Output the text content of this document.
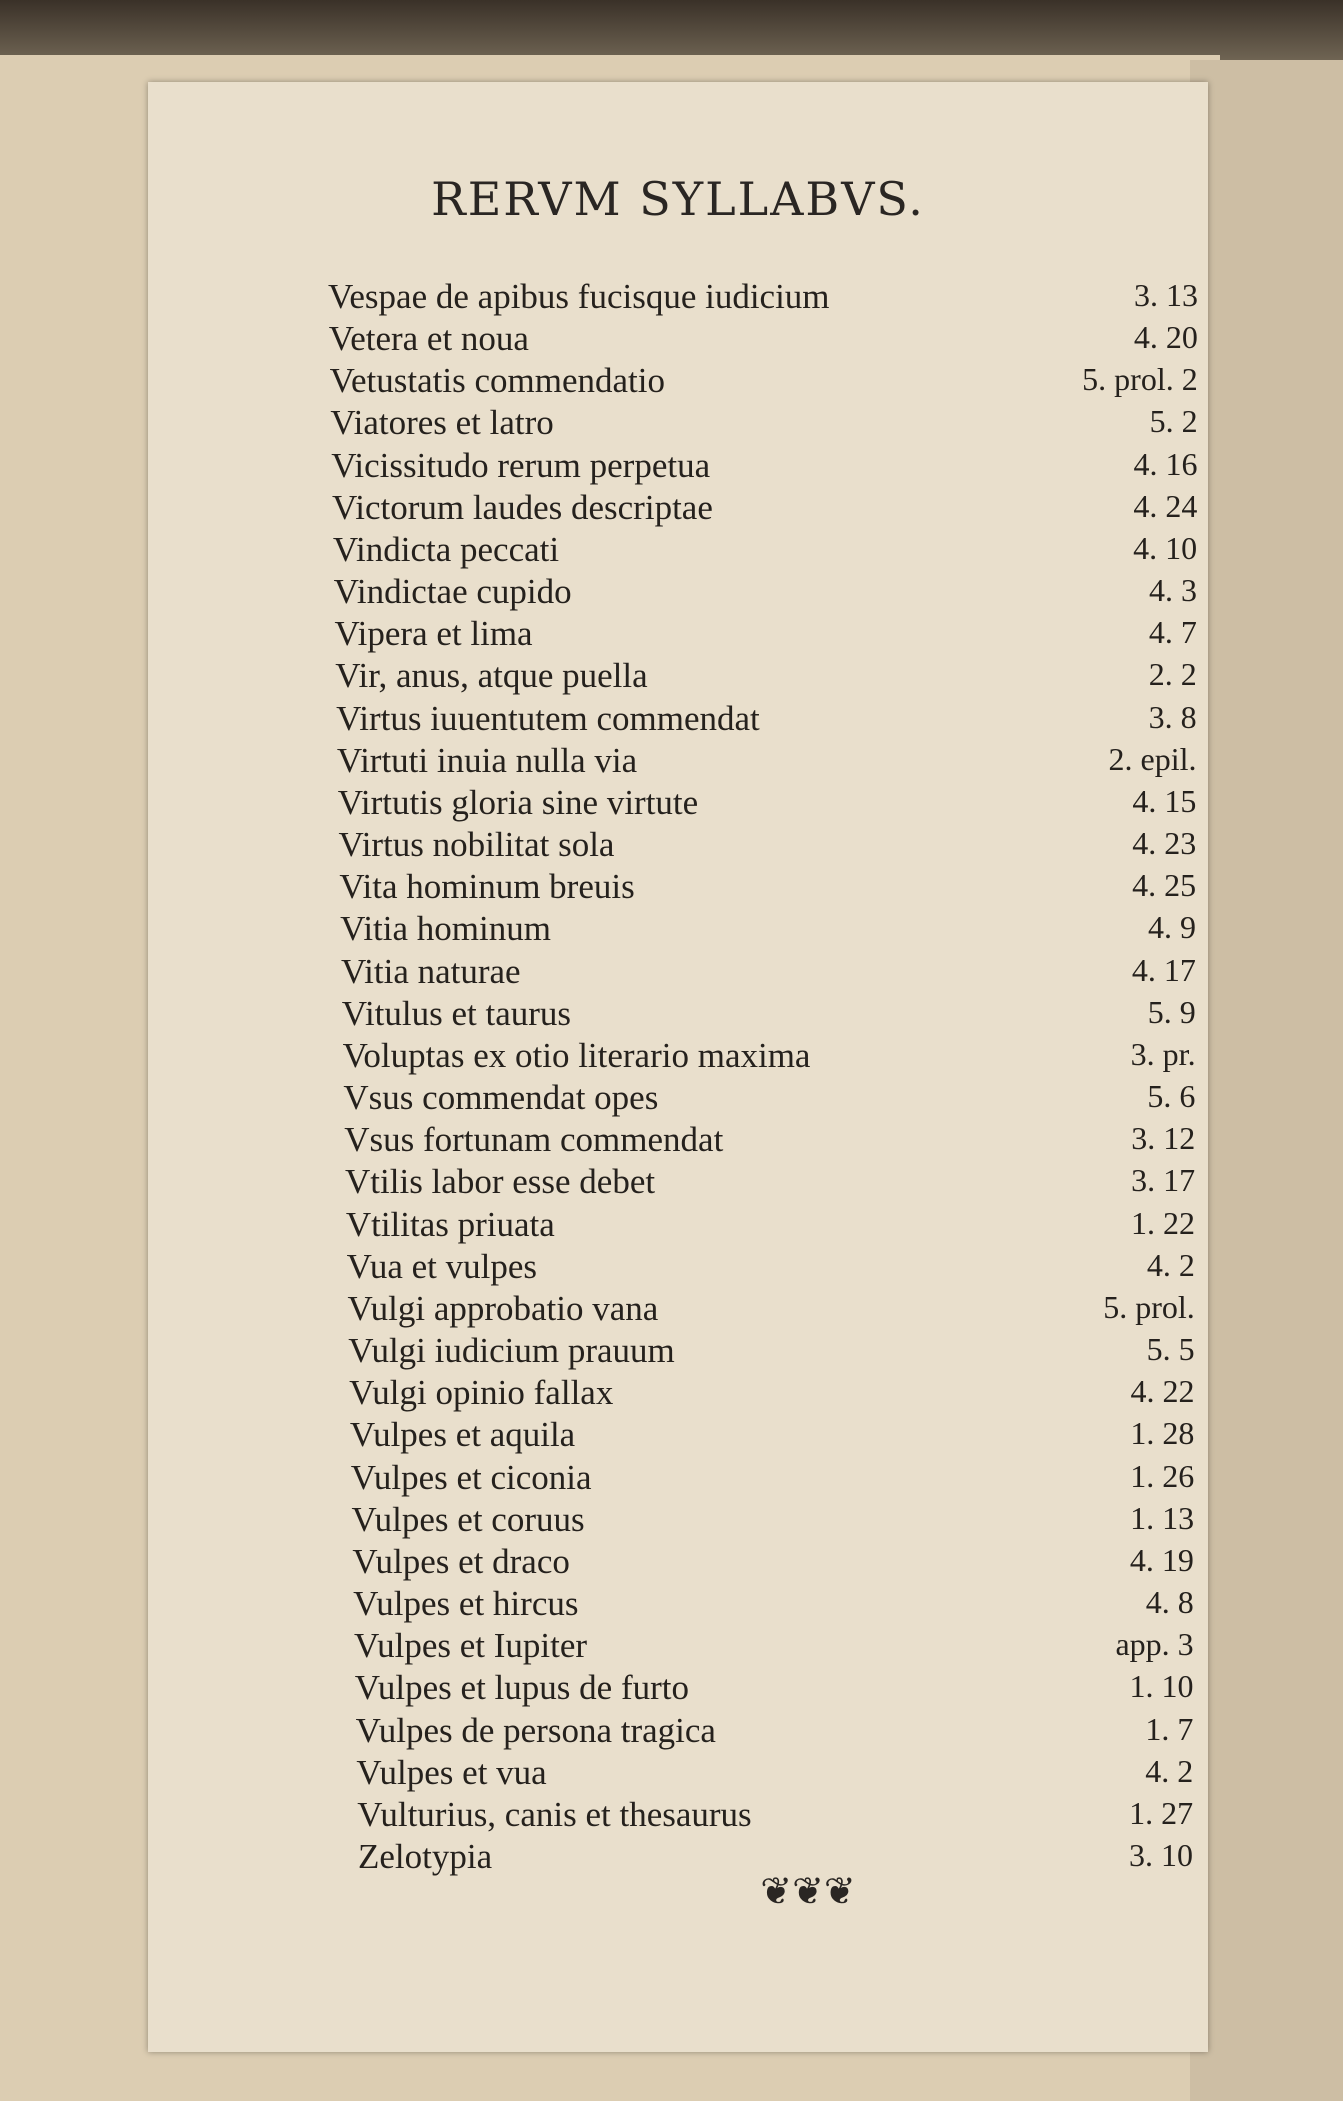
RERVM SYLLABVS.
Vespae de apibus fucisque iudicium	3. 13
Vetera et noua	4. 20
Vetustatis commendatio	5. prol. 2
Viatores et latro	5. 2
Vicissitudo rerum perpetua	4. 16
Victorum laudes descriptae	4. 24
Vindicta peccati	4. 10
Vindictae cupido	4. 3
Vipera et lima	4. 7
Vir, anus, atque puella	2. 2
Virtus iuuentutem commendat	3. 8
Virtuti inuia nulla via	2. epil.
Virtutis gloria sine virtute	4. 15
Virtus nobilitat sola	4. 23
Vita hominum breuis	4. 25
Vitia hominum	4. 9
Vitia naturae	4. 17
Vitulus et taurus	5. 9
Voluptas ex otio literario maxima	3. pr.
Vsus commendat opes	5. 6
Vsus fortunam commendat	3. 12
Vtilis labor esse debet	3. 17
Vtilitas priuata	1. 22
Vua et vulpes	4. 2
Vulgi approbatio vana	5. prol.
Vulgi iudicium prauum	5. 5
Vulgi opinio fallax	4. 22
Vulpes et aquila	1. 28
Vulpes et ciconia	1. 26
Vulpes et coruus	1. 13
Vulpes et draco	4. 19
Vulpes et hircus	4. 8
Vulpes et Iupiter	app. 3
Vulpes et lupus de furto	1. 10
Vulpes de persona tragica	1. 7
Vulpes et vua	4. 2
Vulturius, canis et thesaurus	1. 27
Zelotypia	3. 10
❦❦❦
